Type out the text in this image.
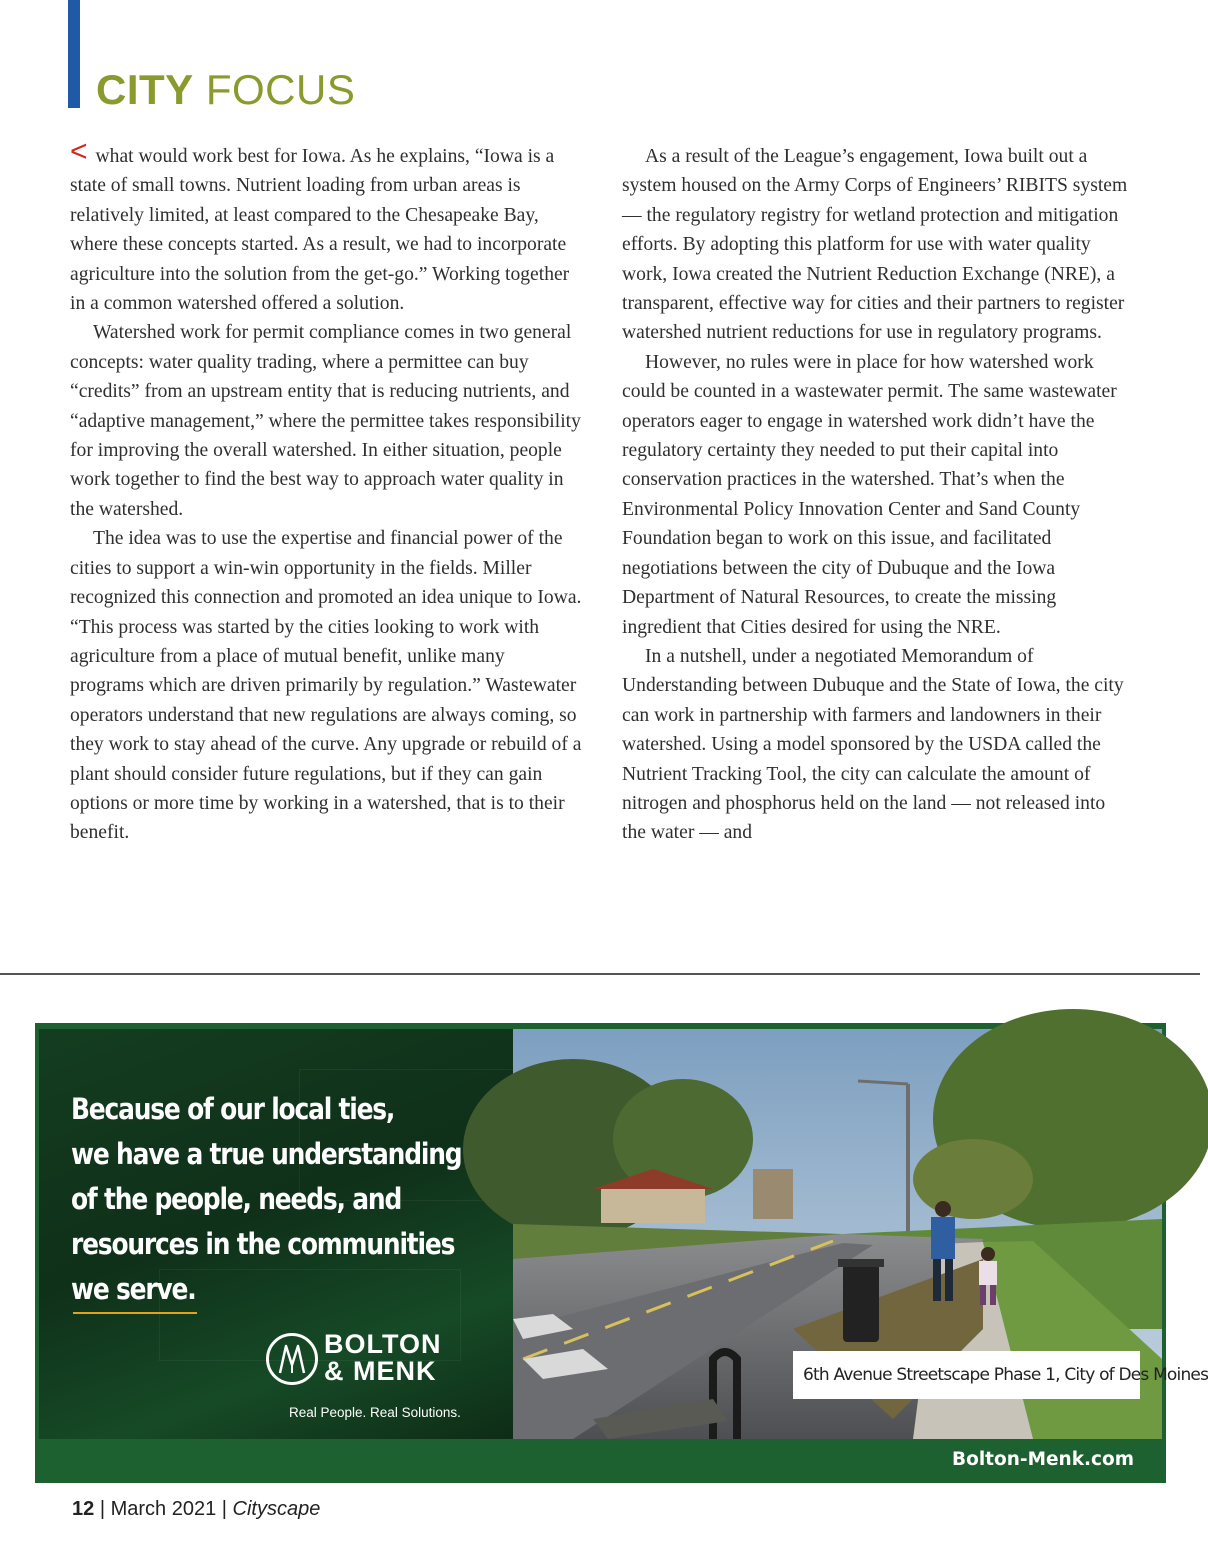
CITY FOCUS

< what would work best for Iowa. As he explains, “Iowa is a state of small towns. Nutrient loading from urban areas is relatively limited, at least compared to the Chesapeake Bay, where these concepts started. As a result, we had to incorporate agriculture into the solution from the get-go.” Working together in a common watershed offered a solution.

Watershed work for permit compliance comes in two general concepts: water quality trading, where a permittee can buy “credits” from an upstream entity that is reducing nutrients, and “adaptive management,” where the permittee takes responsibility for improving the overall watershed. In either situation, people work together to find the best way to approach water quality in the watershed.

The idea was to use the expertise and financial power of the cities to support a win-win opportunity in the fields. Miller recognized this connection and promoted an idea unique to Iowa. “This process was started by the cities looking to work with agriculture from a place of mutual benefit, unlike many programs which are driven primarily by regulation.” Wastewater operators understand that new regulations are always coming, so they work to stay ahead of the curve. Any upgrade or rebuild of a plant should consider future regulations, but if they can gain options or more time by working in a watershed, that is to their benefit.

As a result of the League’s engagement, Iowa built out a system housed on the Army Corps of Engineers’ RIBITS system — the regulatory registry for wetland protection and mitigation efforts. By adopting this platform for use with water quality work, Iowa created the Nutrient Reduction Exchange (NRE), a transparent, effective way for cities and their partners to register watershed nutrient reductions for use in regulatory programs.

However, no rules were in place for how watershed work could be counted in a wastewater permit. The same wastewater operators eager to engage in watershed work didn’t have the regulatory certainty they needed to put their capital into conservation practices in the watershed. That’s when the Environmental Policy Innovation Center and Sand County Foundation began to work on this issue, and facilitated negotiations between the city of Dubuque and the Iowa Department of Natural Resources, to create the missing ingredient that Cities desired for using the NRE.

In a nutshell, under a negotiated Memorandum of Understanding between Dubuque and the State of Iowa, the city can work in partnership with farmers and landowners in their watershed. Using a model sponsored by the USDA called the Nutrient Tracking Tool, the city can calculate the amount of nitrogen and phosphorus held on the land — not released into the water — and

Because of our local ties,
we have a true understanding
of the people, needs, and
resources in the communities
we serve.
BOLTON
& MENK
Real People. Real Solutions.
6th Avenue Streetscape Phase 1, City of Des Moines
Bolton-Menk.com
12 | March 2021 | Cityscape
